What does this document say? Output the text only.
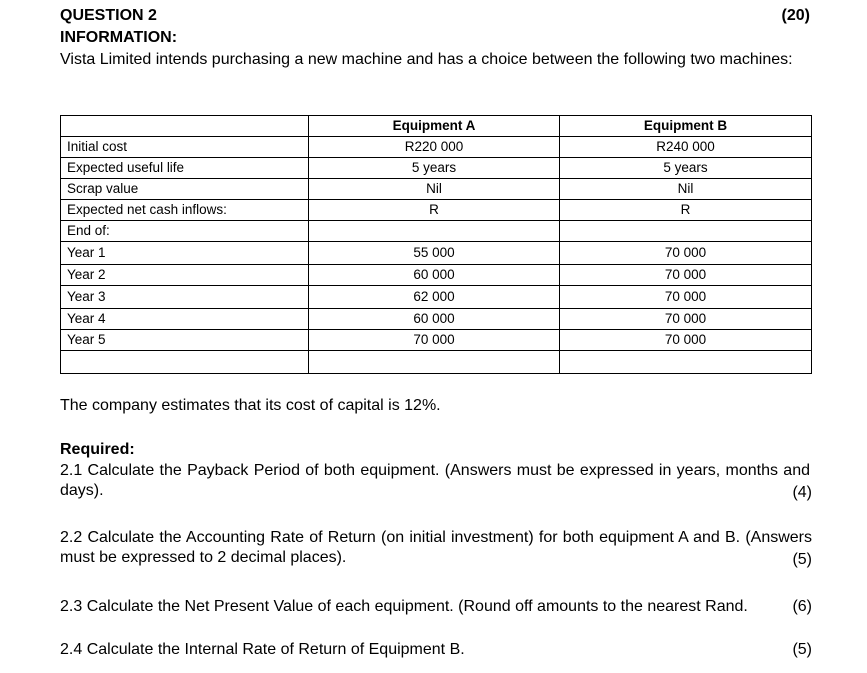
QUESTION 2	(20)
INFORMATION:
Vista Limited intends purchasing a new machine and has a choice between the following two machines:
	Equipment A	Equipment B
Initial cost	R220 000	R240 000
Expected useful life	5 years	5 years
Scrap value	Nil	Nil
Expected net cash inflows:	R	R
End of:		
Year 1	55 000	70 000
Year 2	60 000	70 000
Year 3	62 000	70 000
Year 4	60 000	70 000
Year 5	70 000	70 000

The company estimates that its cost of capital is 12%.
Required:
2.1 Calculate the Payback Period of both equipment. (Answers must be expressed in years, months and days).	(4)
2.2 Calculate the Accounting Rate of Return (on initial investment) for both equipment A and B. (Answers must be expressed to 2 decimal places).	(5)
2.3 Calculate the Net Present Value of each equipment. (Round off amounts to the nearest Rand.	(6)
2.4 Calculate the Internal Rate of Return of Equipment B.	(5)
